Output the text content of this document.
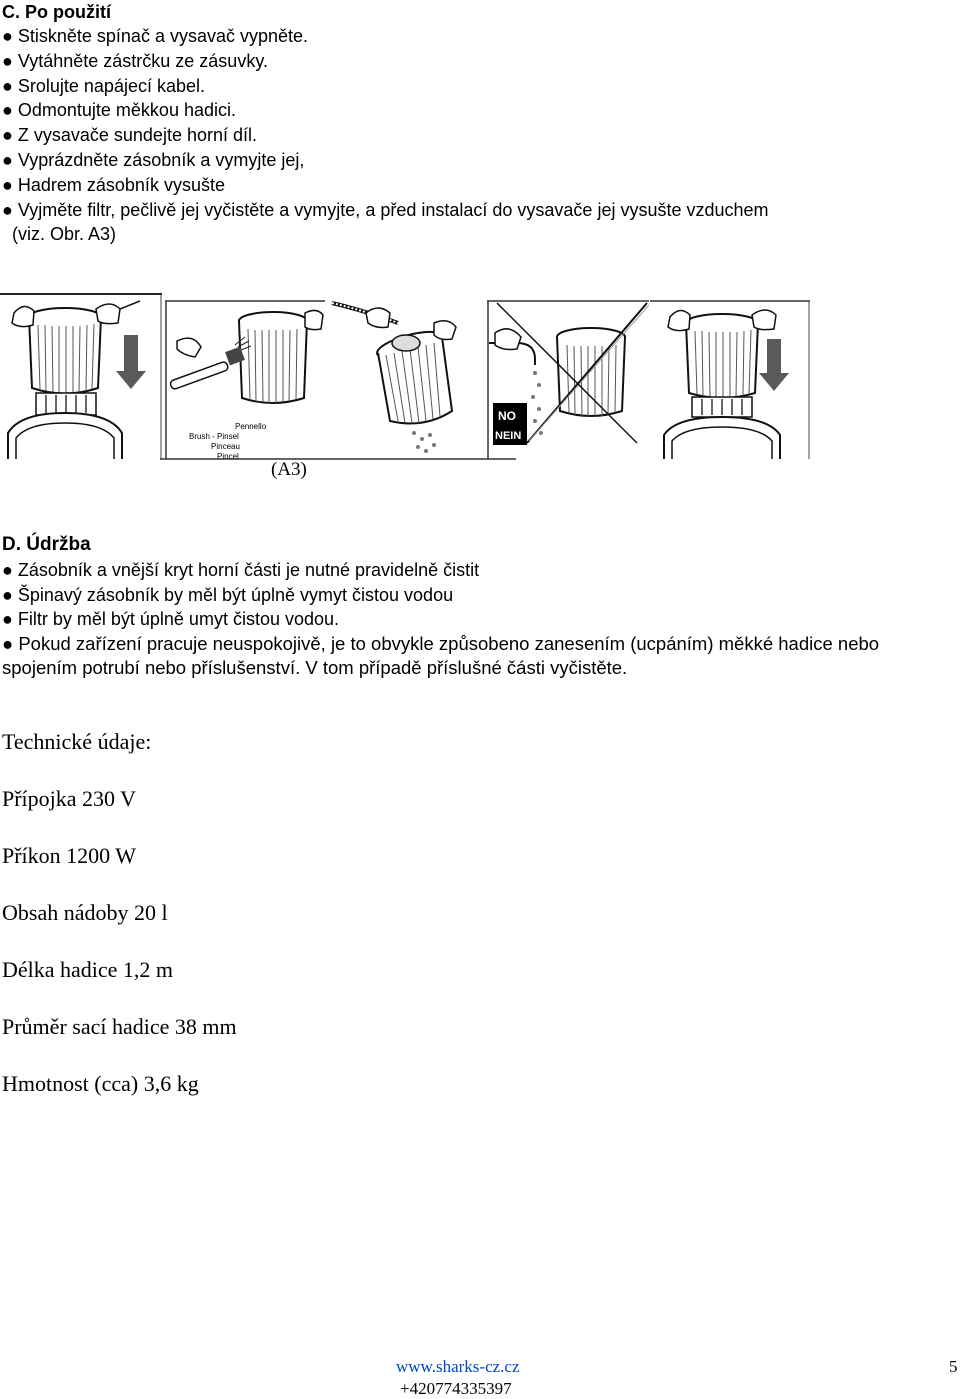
C. Po použití

● Stiskněte spínač a vysavač vypněte.

● Vytáhněte zástrčku ze zásuvky.

● Srolujte napájecí kabel.

● Odmontujte měkkou hadici.

● Z vysavače sundejte horní díl.

● Vyprázdněte zásobník a vymyjte jej,

● Hadrem zásobník vysušte

● Vyjměte filtr, pečlivě jej vyčistěte a vymyjte, a před instalací do vysavače jej vysušte vzduchem

(viz. Obr. A3)

Pennello
Brush - Pinsel
Pinceau
Pincel
NO
NEIN
(A3)

D. Údržba

● Zásobník a vnější kryt horní části je nutné pravidelně čistit

● Špinavý zásobník by měl být úplně vymyt čistou vodou

● Filtr by měl být úplně umyt čistou vodou.

● Pokud zařízení pracuje neuspokojivě, je to obvykle způsobeno zanesením (ucpáním) měkké hadice nebo spojením potrubí nebo příslušenství. V tom případě příslušné části vyčistěte.

Technické údaje:

Přípojka 230 V

Příkon 1200 W

Obsah nádoby 20 l

Délka hadice 1,2 m

Průměr sací hadice 38 mm

Hmotnost (cca) 3,6 kg

www.sharks-cz.cz
+420774335397
5
